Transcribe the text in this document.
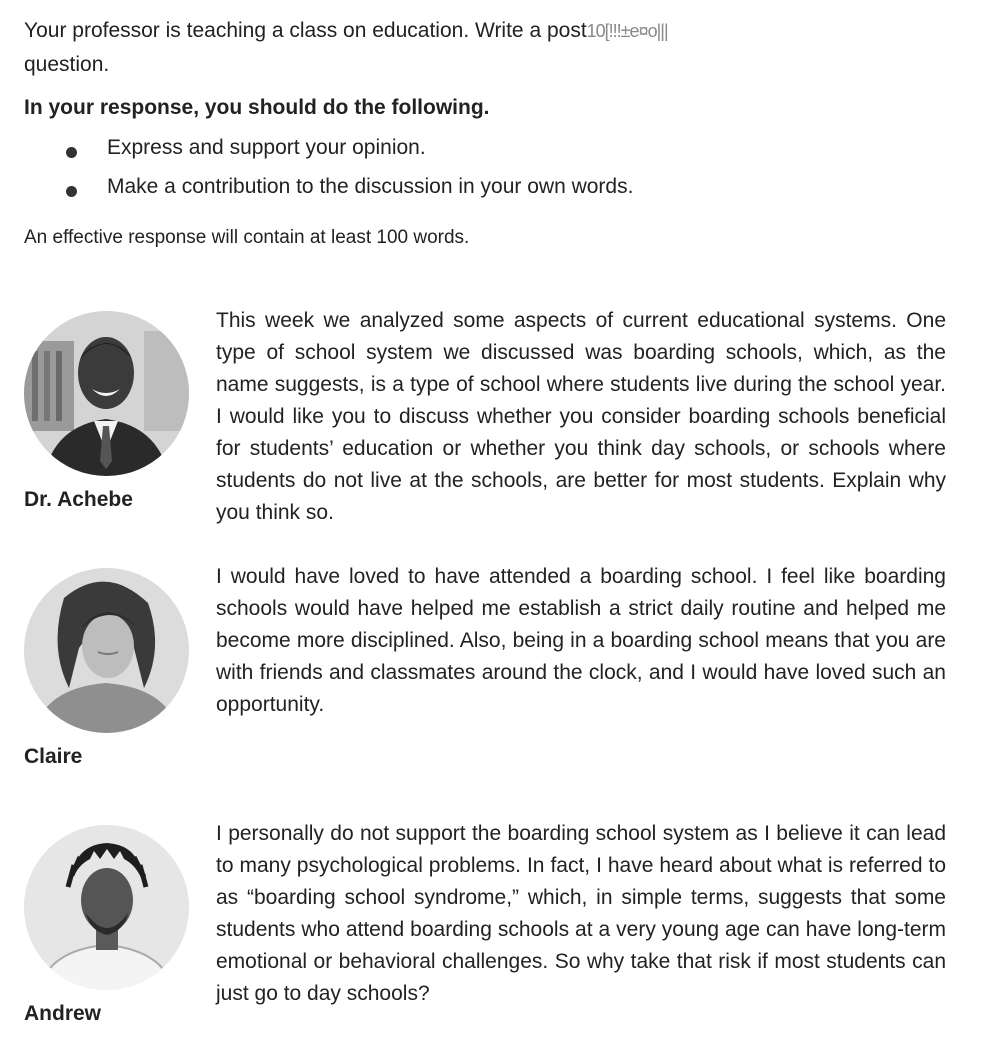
Your professor is teaching a class on education. Write a post10[!!!±e¤o|||
question.
In your response, you should do the following.
Express and support your opinion.
Make a contribution to the discussion in your own words.
An effective response will contain at least 100 words.
Dr. Achebe
This week we analyzed some aspects of current educational systems. One type of school system we discussed was boarding schools, which, as the name suggests, is a type of school where students live during the school year. I would like you to discuss whether you consider boarding schools beneficial for students’ education or whether you think day schools, or schools where students do not live at the schools, are better for most students. Explain why you think so.
Claire
I would have loved to have attended a boarding school. I feel like boarding schools would have helped me establish a strict daily routine and helped me become more disciplined. Also, being in a boarding school means that you are with friends and classmates around the clock, and I would have loved such an opportunity.
Andrew
I personally do not support the boarding school system as I believe it can lead to many psychological problems. In fact, I have heard about what is referred to as “boarding school syndrome,” which, in simple terms, suggests that some students who attend boarding schools at a very young age can have long-term emotional or behavioral challenges. So why take that risk if most students can just go to day schools?
